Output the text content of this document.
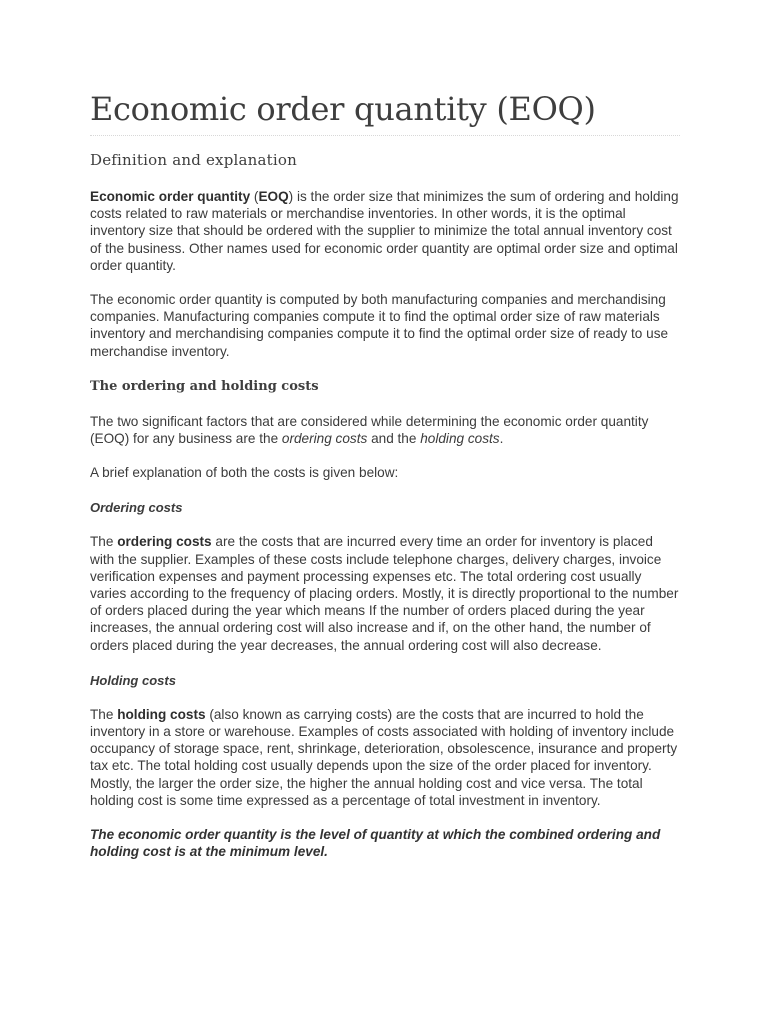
Economic order quantity (EOQ)
Definition and explanation

Economic order quantity (EOQ) is the order size that minimizes the sum of ordering and holding costs related to raw materials or merchandise inventories. In other words, it is the optimal inventory size that should be ordered with the supplier to minimize the total annual inventory cost of the business. Other names used for economic order quantity are optimal order size and optimal order quantity.

The economic order quantity is computed by both manufacturing companies and merchandising companies. Manufacturing companies compute it to find the optimal order size of raw materials inventory and merchandising companies compute it to find the optimal order size of ready to use merchandise inventory.

The ordering and holding costs

The two significant factors that are considered while determining the economic order quantity (EOQ) for any business are the ordering costs and the holding costs.

A brief explanation of both the costs is given below:

Ordering costs

The ordering costs are the costs that are incurred every time an order for inventory is placed with the supplier. Examples of these costs include telephone charges, delivery charges, invoice verification expenses and payment processing expenses etc. The total ordering cost usually varies according to the frequency of placing orders. Mostly, it is directly proportional to the number of orders placed during the year which means If the number of orders placed during the year increases, the annual ordering cost will also increase and if, on the other hand, the number of orders placed during the year decreases, the annual ordering cost will also decrease.

Holding costs

The holding costs (also known as carrying costs) are the costs that are incurred to hold the inventory in a store or warehouse. Examples of costs associated with holding of inventory include occupancy of storage space, rent, shrinkage, deterioration, obsolescence, insurance and property tax etc. The total holding cost usually depends upon the size of the order placed for inventory. Mostly, the larger the order size, the higher the annual holding cost and vice versa. The total holding cost is some time expressed as a percentage of total investment in inventory.

The economic order quantity is the level of quantity at which the combined ordering and holding cost is at the minimum level.
